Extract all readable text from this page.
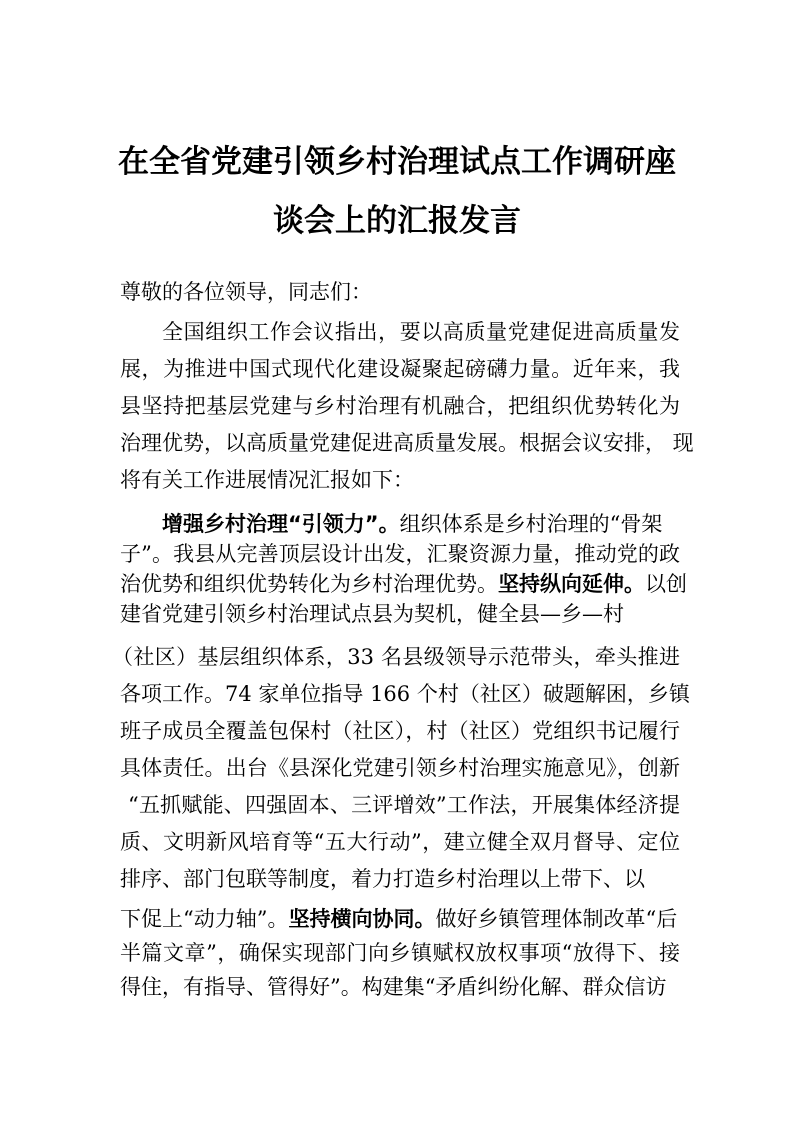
在全省党建引领乡村治理试点工作调研座
谈会上的汇报发言
尊敬的各位领导，同志们：
全国组织工作会议指出，要以高质量党建促进高质量发
展，为推进中国式现代化建设凝聚起磅礴力量。近年来，我
县坚持把基层党建与乡村治理有机融合，把组织优势转化为
治理优势，以高质量党建促进高质量发展。根据会议安排， 现
将有关工作进展情况汇报如下：
增强乡村治理“引领力”。组织体系是乡村治理的“骨架
子”。我县从完善顶层设计出发，汇聚资源力量，推动党的政
治优势和组织优势转化为乡村治理优势。坚持纵向延伸。以创
建省党建引领乡村治理试点县为契机，健全县—乡—村
（社区）基层组织体系，33 名县级领导示范带头，牵头推进
各项工作。74 家单位指导 166 个村（社区）破题解困，乡镇
班子成员全覆盖包保村（社区），村（社区）党组织书记履行
具体责任。出台《县深化党建引领乡村治理实施意见》，创新
“五抓赋能、四强固本、三评增效”工作法，开展集体经济提
质、文明新风培育等“五大行动”，建立健全双月督导、定位
排序、部门包联等制度，着力打造乡村治理以上带下、以
下促上“动力轴”。坚持横向协同。做好乡镇管理体制改革“后
半篇文章”，确保实现部门向乡镇赋权放权事项“放得下、接
得住，有指导、管得好”。构建集“矛盾纠纷化解、群众信访
